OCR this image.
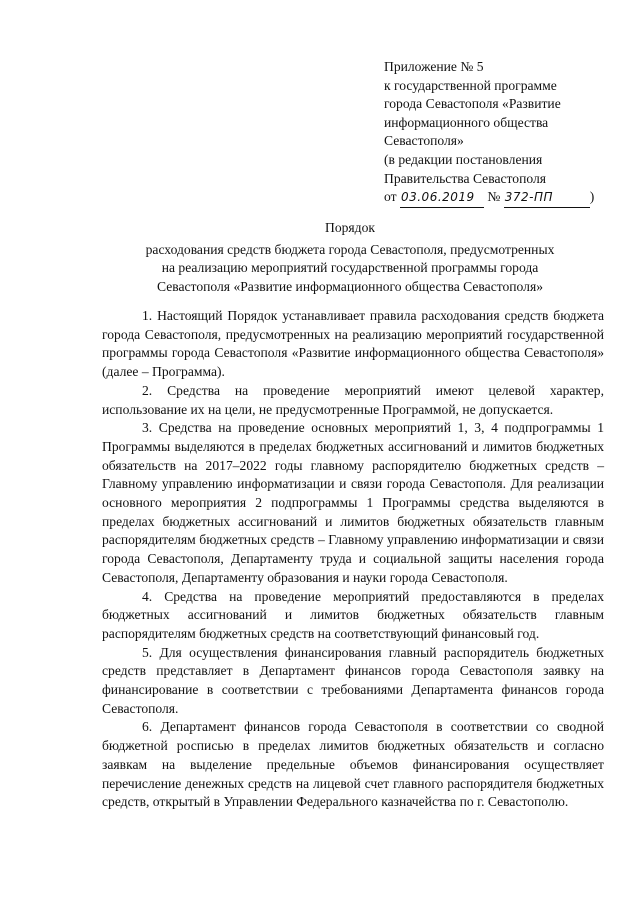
Приложение № 5
к государственной программе
города Севастополя «Развитие
информационного общества
Севастополя»
(в редакции постановления
Правительства Севастополя
от 03.06.2019 № 372-ПП	)
Порядок
расходования средств бюджета города Севастополя, предусмотренных
на реализацию мероприятий государственной программы города
Севастополя «Развитие информационного общества Севастополя»

1. Настоящий Порядок устанавливает правила расходования средств бюджета города Севастополя, предусмотренных на реализацию мероприятий государственной программы города Севастополя «Развитие информационного общества Севастополя» (далее – Программа).

2. Средства на проведение мероприятий имеют целевой характер, использование их на цели, не предусмотренные Программой, не допускается.

3. Средства на проведение основных мероприятий 1, 3, 4 подпрограммы 1 Программы выделяются в пределах бюджетных ассигнований и лимитов бюджетных обязательств на 2017–2022 годы главному распорядителю бюджетных средств – Главному управлению информатизации и связи города Севастополя. Для реализации основного мероприятия 2 подпрограммы 1 Программы средства выделяются в пределах бюджетных ассигнований и лимитов бюджетных обязательств главным распорядителям бюджетных средств – Главному управлению информатизации и связи города Севастополя, Департаменту труда и социальной защиты населения города Севастополя, Департаменту образования и науки города Севастополя.

4. Средства на проведение мероприятий предоставляются в пределах бюджетных ассигнований и лимитов бюджетных обязательств главным распорядителям бюджетных средств на соответствующий финансовый год.

5. Для осуществления финансирования главный распорядитель бюджетных средств представляет в Департамент финансов города Севастополя заявку на финансирование в соответствии с требованиями Департамента финансов города Севастополя.

6. Департамент финансов города Севастополя в соответствии со сводной бюджетной росписью в пределах лимитов бюджетных обязательств и согласно заявкам на выделение предельные объемов финансирования осуществляет перечисление денежных средств на лицевой счет главного распорядителя бюджетных средств, открытый в Управлении Федерального казначейства по г. Севастополю.
